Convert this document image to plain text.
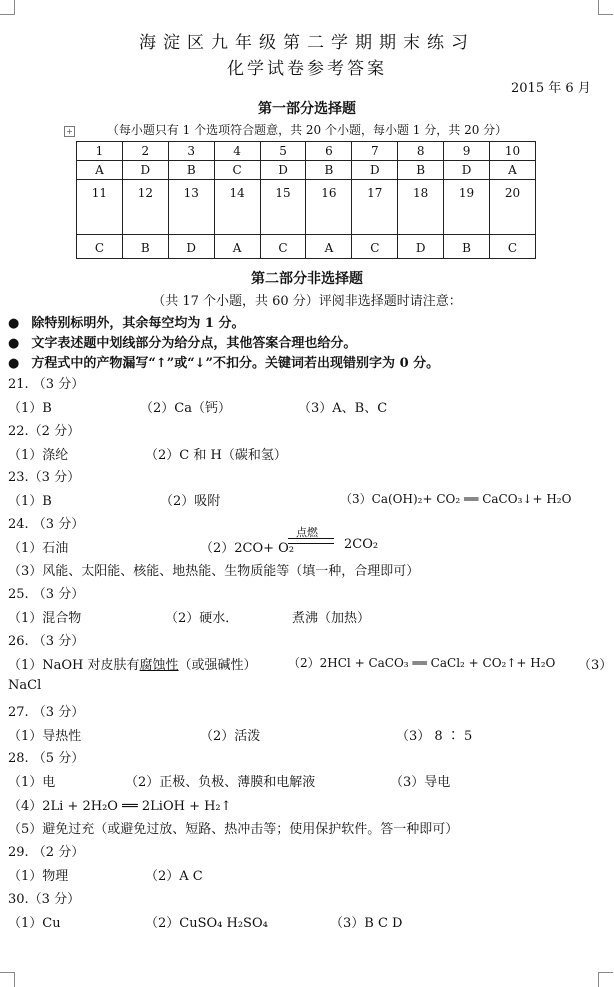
海淀区九年级第二学期期末练习
化学试卷参考答案
2015 年 6 月
第一部分选择题
+	（每小题只有 1 个选项符合题意，共 20 个小题，每小题 1 分，共 20 分）
1	2	3	4	5	6	7	8	9	10
A	D	B	C	D	B	D	B	D	A
11	12	13	14	15	16	17	18	19	20
C	B	D	A	C	A	C	D	B	C
第二部分非选择题
（共 17 个小题，共 60 分）评阅非选择题时请注意：
● 除特别标明外，其余每空均为 1 分。
● 文字表述题中划线部分为给分点，其他答案合理也给分。
● 方程式中的产物漏写“↑”或“↓”不扣分。关键词若出现错别字为 0 分。
21. （3 分）
（1）B	（2）Ca（钙）	（3）A、B、C
22.（2 分）
（1）涤纶	（2）C 和 H（碳和氢）
23.（3 分）
（1）B	（2）吸附	（3）Ca(OH)₂+ CO₂ ══ CaCO₃↓+ H₂O
24. （3 分）
（1）石油	（2）2CO+ O₂
点燃
2CO₂
（3）风能、太阳能、核能、地热能、生物质能等（填一种，合理即可）
25. （3 分）
（1）混合物	（2）硬水．	煮沸（加热）
26. （3 分）
（1）NaOH 对皮肤有腐蚀性（或强碱性）	（2）2HCl + CaCO₃ ══ CaCl₂ + CO₂↑+ H₂O （3）
NaCl
27. （3 分）
（1）导热性	（2）活泼	（3） 8 ∶ 5
28. （5 分）
（1）电	（2）正极、负极、薄膜和电解液	（3）导电
（4）2Li + 2H₂O ══ 2LiOH + H₂↑
（5）避免过充（或避免过放、短路、热冲击等；使用保护软件。答一种即可）
29. （2 分）
（1）物理	（2）A C
30.（3 分）
（1）Cu	（2）CuSO₄ H₂SO₄	（3）B C D
